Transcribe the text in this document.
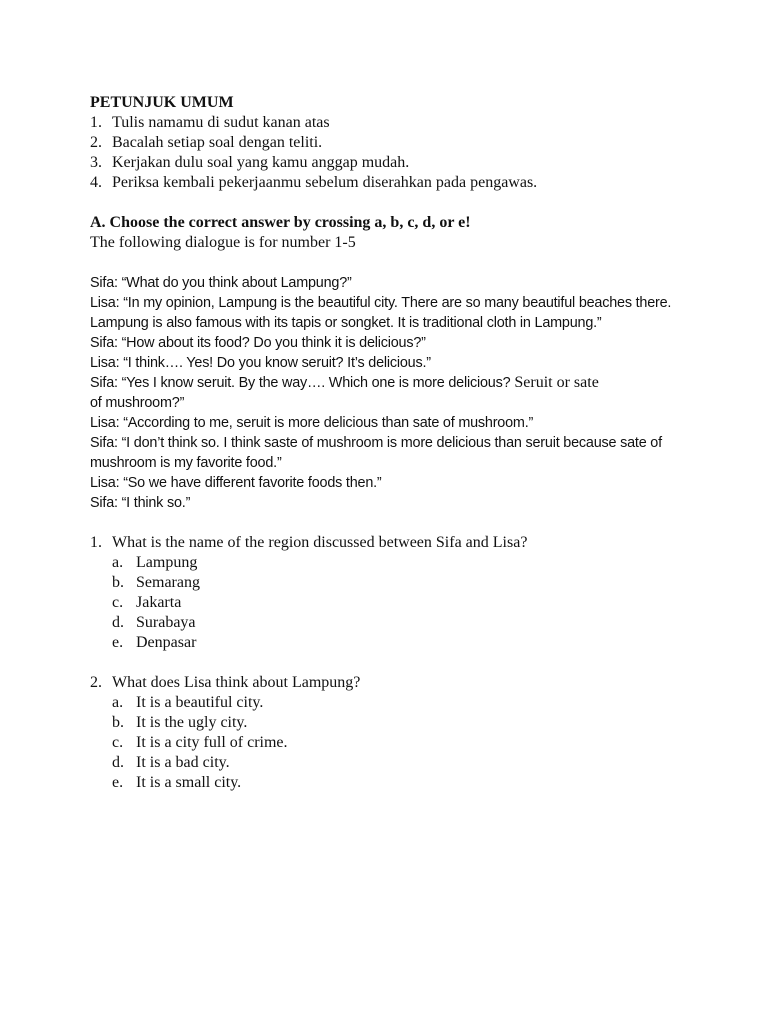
PETUNJUK UMUM
1. Tulis namamu di sudut kanan atas
2. Bacalah setiap soal dengan teliti.
3. Kerjakan dulu soal yang kamu anggap mudah.
4. Periksa kembali pekerjaanmu sebelum diserahkan pada pengawas.
A. Choose the correct answer by crossing a, b, c, d, or e!
The following dialogue is for number 1-5
Sifa: “What do you think about Lampung?”
Lisa: “In my opinion, Lampung is the beautiful city. There are so many beautiful beaches there. Lampung is also famous with its tapis or songket. It is traditional cloth in Lampung.”
Sifa: “How about its food? Do you think it is delicious?”
Lisa: “I think…. Yes! Do you know seruit? It’s delicious.”
Sifa: “Yes I know seruit. By the way…. Which one is more delicious? Seruit or sate
of mushroom?”
Lisa: “According to me, seruit is more delicious than sate of mushroom.”
Sifa: “I don’t think so. I think saste of mushroom is more delicious than seruit because sate of mushroom is my favorite food.”
Lisa: “So we have different favorite foods then.”
Sifa: “I think so.”
1. What is the name of the region discussed between Sifa and Lisa?
a. Lampung
b. Semarang
c. Jakarta
d. Surabaya
e. Denpasar
2. What does Lisa think about Lampung?
a. It is a beautiful city.
b. It is the ugly city.
c. It is a city full of crime.
d. It is a bad city.
e. It is a small city.
